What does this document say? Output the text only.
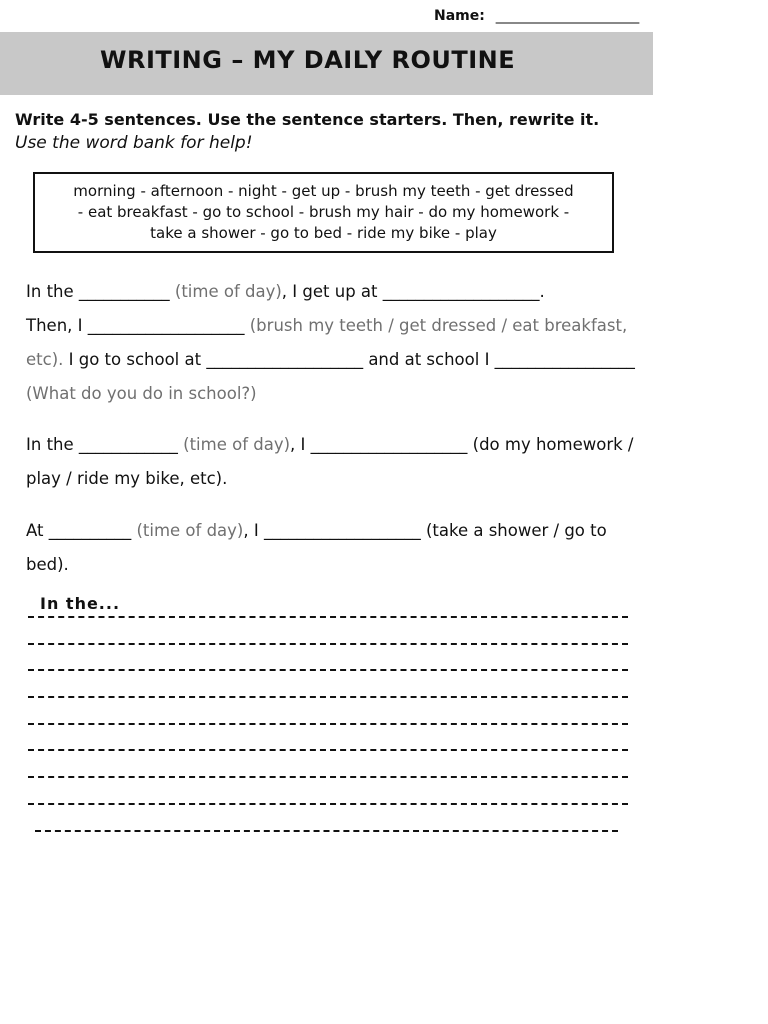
Name: ______________________
WRITING – MY DAILY ROUTINE

Write 4-5 sentences. Use the sentence starters. Then, rewrite it.

Use the word bank for help!

morning - afternoon - night - get up - brush my teeth - get dressed
- eat breakfast - go to school - brush my hair - do my homework -
take a shower - go to bed - ride my bike - play

In the ___________ (time of day), I get up at ___________________.
Then, I ___________________ (brush my teeth / get dressed / eat breakfast, etc). I go to school at ___________________ and at school I _________________ (What do you do in school?)

In the ____________ (time of day), I ___________________ (do my homework / play / ride my bike, etc).

At __________ (time of day), I ___________________ (take a shower / go to bed).

In the...
